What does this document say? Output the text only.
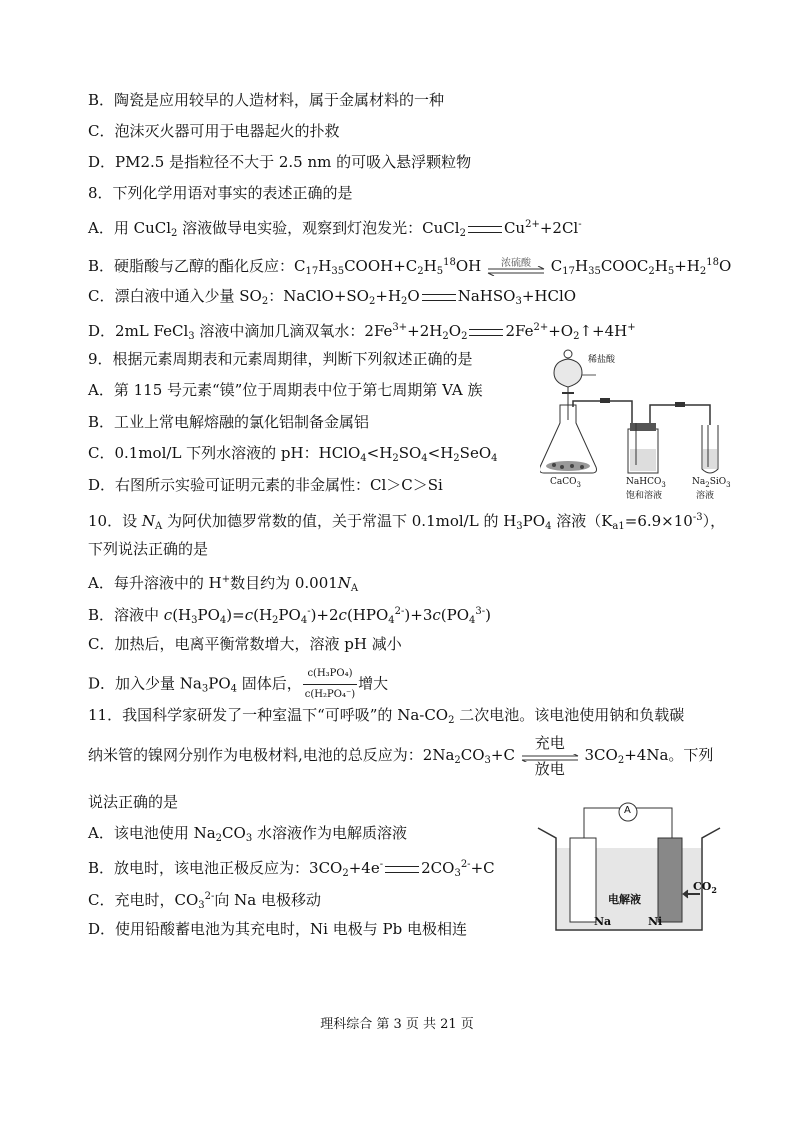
B．陶瓷是应用较早的人造材料，属于金属材料的一种
C．泡沫灭火器可用于电器起火的扑救
D．PM2.5 是指粒径不大于 2.5 nm 的可吸入悬浮颗粒物
8．下列化学用语对事实的表述正确的是
A．用 CuCl$_2$ 溶液做导电实验，观察到灯泡发光：CuCl$_2$	$Cu^{2+}+2Cl^-$
B．硬脂酸与乙醇的酯化反应：$C_{17}H_{35}COOH+C_2H_5^{18}OH$	浓硫酸	$C_{17}H_{35}COOC_2H_5+H_2^{18}O$
C．漂白液中通入少量 $SO_2$：$NaClO+SO_2+H_2O$	NaHSO$_3$+HClO
D．2mL FeCl$_3$ 溶液中滴加几滴双氧水：$2Fe^{3+}+2H_2O_2$	$2Fe^{2+}+O_2↑+4H^+$
9．根据元素周期表和元素周期律，判断下列叙述正确的是
A．第 115 号元素“镆”位于周期表中位于第七周期第 VA 族
B．工业上常电解熔融的氯化铝制备金属铝
C．0.1mol/L 下列水溶液的 pH：$HClO_4<H_2SO_4<H_2SeO_4$
D．右图所示实验可证明元素的非金属性：Cl＞C＞Si
稀盐酸
CaCO$_3$	NaHCO$_3$
饱和溶液
$Na_2SiO_3$
溶液
10．设 $N_A$ 为阿伏加德罗常数的值，关于常温下 0.1mol/L 的 $H_3PO_4$ 溶液$(K_{a1}=6.9\times 10^{-3})$，
下列说法正确的是
A．每升溶液中的 H+数目约为 $0.001N_A$
B．溶液中 $c(H_3PO_4)=c(H_2PO_4^-)+2c(HPO_4^{2-})+3c(PO_4^{3-})$
C．加热后，电离平衡常数增大，溶液 pH 减小
D．加入少量 $Na_3PO_4$ 固体后， $\frac{\text{c(H₃PO₄)}}{\text{c(H₂PO₄⁻)}}$ 增大
11．我国科学家研发了一种室温下“可呼吸”的 $Na-CO_2$ 二次电池。该电池使用钠和负载碳
纳米管的镍网分别作为电极材料,电池的总反应为：$2Na_2CO_3+C$
充电
放电
$3CO_2+4Na$。下列
说法正确的是
A．该电池使用 $Na_2CO_3$ 水溶液作为电解质溶液
B．放电时，该电池正极反应为：$3CO_2+4e^-$	$2CO_3^{2-}+C$
C．充电时，$CO_3^{2-}$向 Na 电极移动
D．使用铅酸蓄电池为其充电时，Ni 电极与 Pb 电极相连
A
电解液
Na	Ni
$CO_2$
理科综合 第 3 页 共 21 页
